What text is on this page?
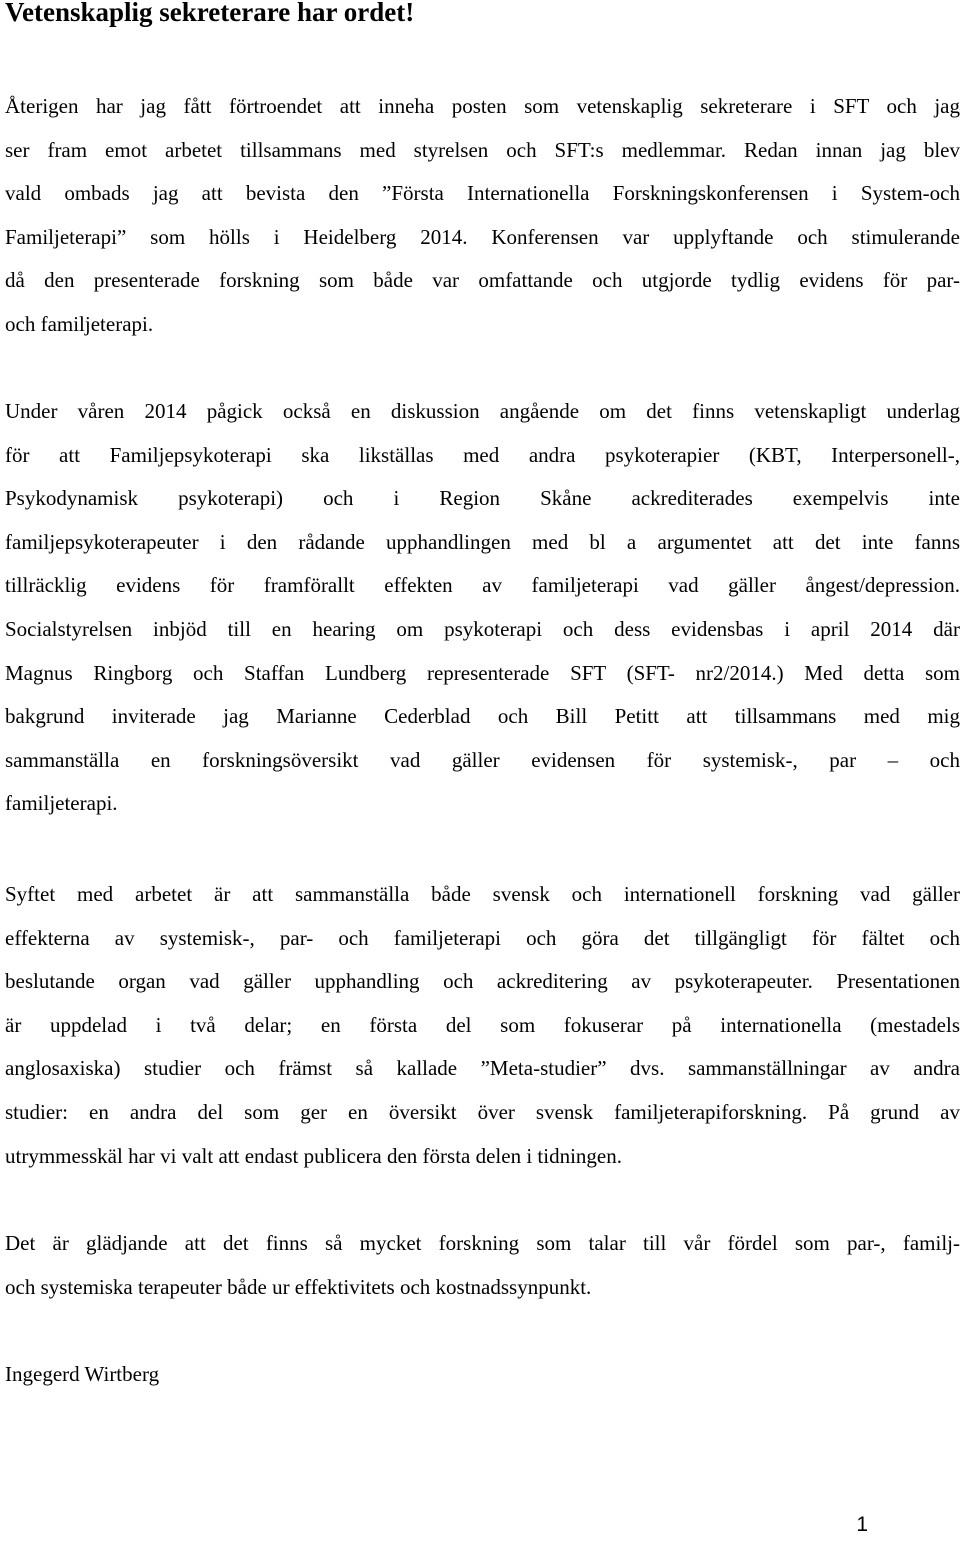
Vetenskaplig sekreterare har ordet!

Återigen har jag fått förtroendet att inneha posten som vetenskaplig sekreterare i SFT och jag
ser fram emot arbetet tillsammans med styrelsen och SFT:s medlemmar. Redan innan jag blev
vald ombads jag att bevista den ”Första Internationella Forskningskonferensen i System-och
Familjeterapi” som hölls i Heidelberg 2014. Konferensen var upplyftande och stimulerande
då den presenterade forskning som både var omfattande och utgjorde tydlig evidens för par-
och familjeterapi.

Under våren 2014 pågick också en diskussion angående om det finns vetenskapligt underlag
för att Familjepsykoterapi ska likställas med andra psykoterapier (KBT, Interpersonell-,
Psykodynamisk psykoterapi) och i Region Skåne ackrediterades exempelvis inte
familjepsykoterapeuter i den rådande upphandlingen med bl a argumentet att det inte fanns
tillräcklig evidens för framförallt effekten av familjeterapi vad gäller ångest/depression.
Socialstyrelsen inbjöd till en hearing om psykoterapi och dess evidensbas i april 2014 där
Magnus Ringborg och Staffan Lundberg representerade SFT (SFT- nr2/2014.) Med detta som
bakgrund inviterade jag Marianne Cederblad och Bill Petitt att tillsammans med mig
sammanställa en forskningsöversikt vad gäller evidensen för systemisk-, par – och
familjeterapi.

Syftet med arbetet är att sammanställa både svensk och internationell forskning vad gäller
effekterna av systemisk-, par- och familjeterapi och göra det tillgängligt för fältet och
beslutande organ vad gäller upphandling och ackreditering av psykoterapeuter. Presentationen
är uppdelad i två delar; en första del som fokuserar på internationella (mestadels
anglosaxiska) studier och främst så kallade ”Meta-studier” dvs. sammanställningar av andra
studier: en andra del som ger en översikt över svensk familjeterapiforskning. På grund av
utrymmesskäl har vi valt att endast publicera den första delen i tidningen.

Det är glädjande att det finns så mycket forskning som talar till vår fördel som par-, familj-
och systemiska terapeuter både ur effektivitets och kostnadssynpunkt.

Ingegerd Wirtberg

1
